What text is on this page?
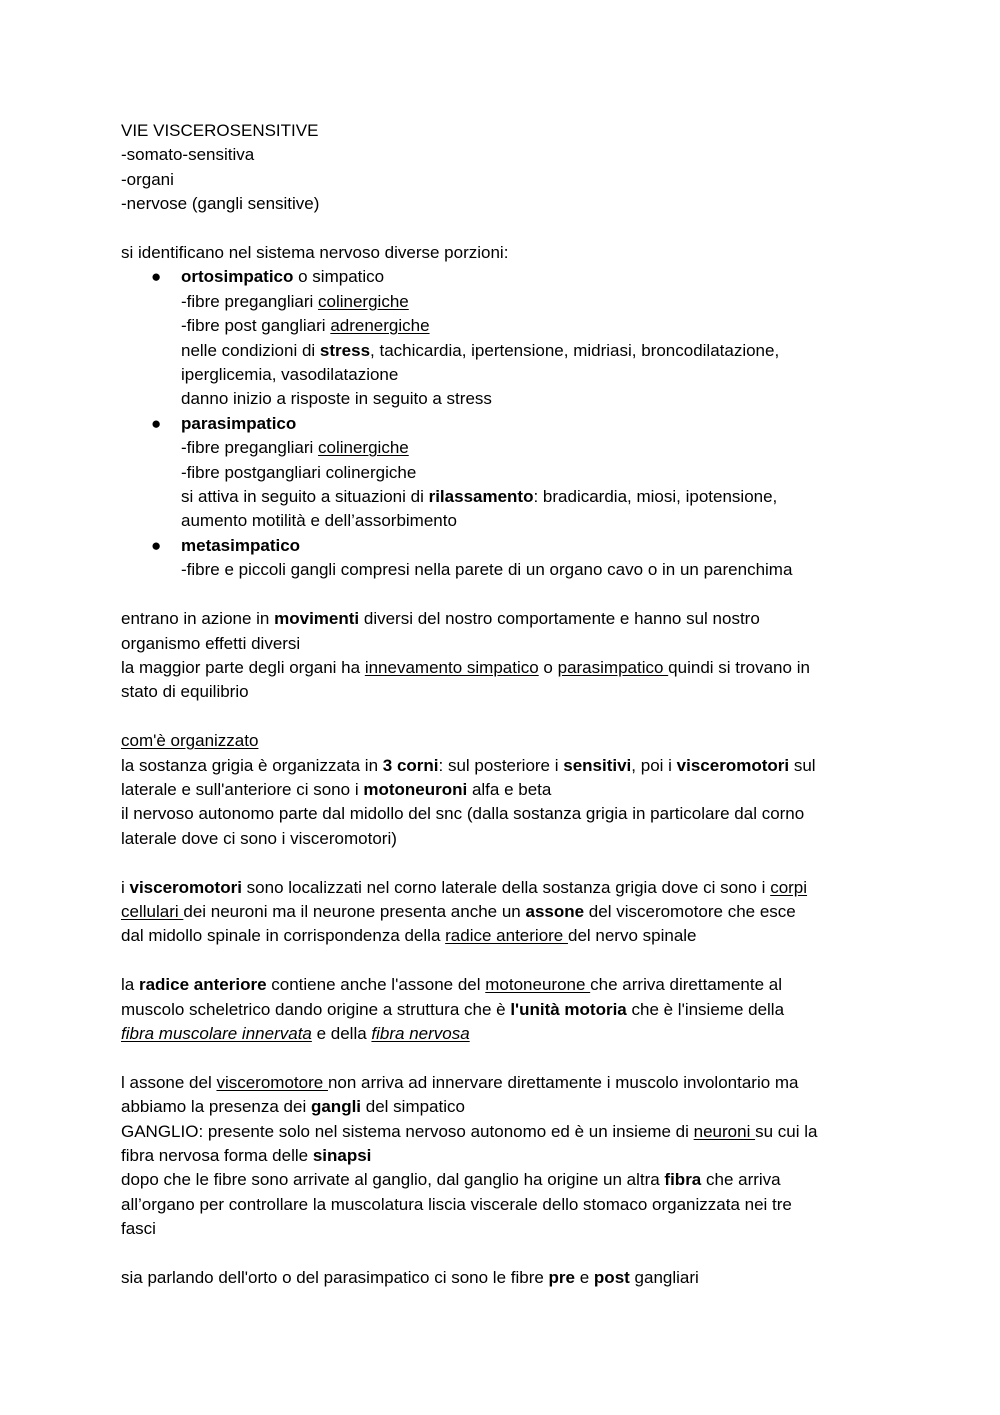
VIE VISCEROSENSITIVE
-somato-sensitiva
-organi
-nervose (gangli sensitive)
si identificano nel sistema nervoso diverse porzioni:
● ortosimpatico o simpatico
-fibre pregangliari colinergiche
-fibre post gangliari adrenergiche
nelle condizioni di stress, tachicardia, ipertensione, midriasi, broncodilatazione,
iperglicemia, vasodilatazione
danno inizio a risposte in seguito a stress
● parasimpatico
-fibre pregangliari colinergiche
-fibre postgangliari colinergiche
si attiva in seguito a situazioni di rilassamento: bradicardia, miosi, ipotensione,
aumento motilità e dell’assorbimento
● metasimpatico
-fibre e piccoli gangli compresi nella parete di un organo cavo o in un parenchima
entrano in azione in movimenti diversi del nostro comportamente e hanno sul nostro
organismo effetti diversi
la maggior parte degli organi ha innevamento simpatico o parasimpatico quindi si trovano in
stato di equilibrio
com'è organizzato
la sostanza grigia è organizzata in 3 corni: sul posteriore i sensitivi, poi i visceromotori sul
laterale e sull'anteriore ci sono i motoneuroni alfa e beta
il nervoso autonomo parte dal midollo del snc (dalla sostanza grigia in particolare dal corno
laterale dove ci sono i visceromotori)
i visceromotori sono localizzati nel corno laterale della sostanza grigia dove ci sono i corpi
cellulari dei neuroni ma il neurone presenta anche un assone del visceromotore che esce
dal midollo spinale in corrispondenza della radice anteriore del nervo spinale
la radice anteriore contiene anche l'assone del motoneurone che arriva direttamente al
muscolo scheletrico dando origine a struttura che è l'unità motoria che è l'insieme della
fibra muscolare innervata e della fibra nervosa
l assone del visceromotore non arriva ad innervare direttamente i muscolo involontario ma
abbiamo la presenza dei gangli del simpatico
GANGLIO: presente solo nel sistema nervoso autonomo ed è un insieme di neuroni su cui la
fibra nervosa forma delle sinapsi
dopo che le fibre sono arrivate al ganglio, dal ganglio ha origine un altra fibra che arriva
all’organo per controllare la muscolatura liscia viscerale dello stomaco organizzata nei tre
fasci
sia parlando dell'orto o del parasimpatico ci sono le fibre pre e post gangliari
